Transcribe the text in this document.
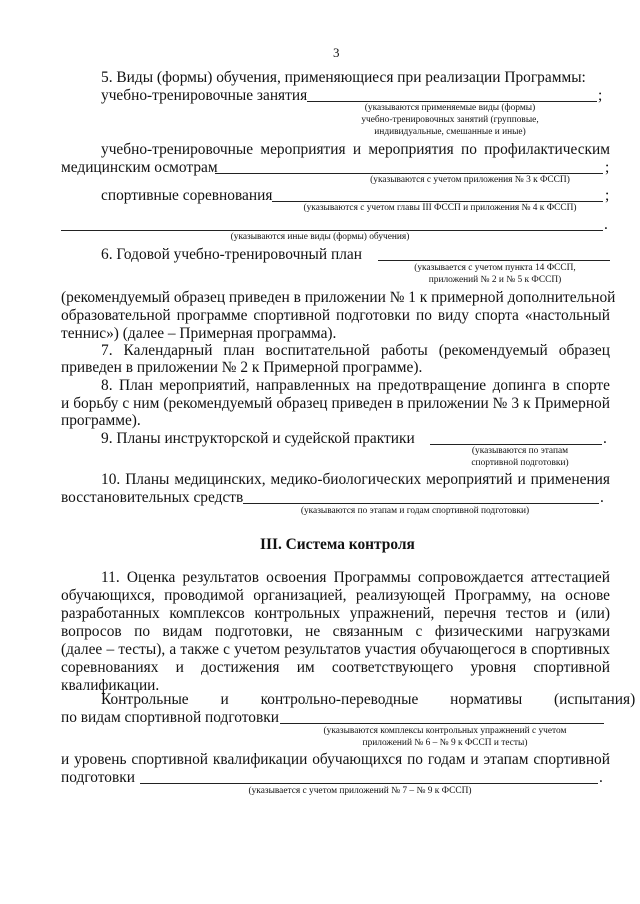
3
5. Виды (формы) обучения, применяющиеся при реализации Программы:
учебно-тренировочные занятия	;
(указываются применяемые виды (формы)
учебно-тренировочных занятий (групповые,
индивидуальные, смешанные и иные)
учебно-тренировочные мероприятия и мероприятия по профилактическим
медицинским осмотрам	;
(указываются с учетом приложения № 3 к ФССП)
спортивные соревнования	;
(указываются с учетом главы III ФССП и приложения № 4 к ФССП)
.
(указываются иные виды (формы) обучения)
6. Годовой учебно-тренировочный план
(указывается с учетом пункта 14 ФССП,
приложений № 2 и № 5 к ФССП)
(рекомендуемый образец приведен в приложении № 1 к примерной дополнительной
образовательной программе спортивной подготовки по виду спорта «настольный
теннис») (далее – Примерная программа).
7. Календарный план воспитательной работы (рекомендуемый образец
приведен в приложении № 2 к Примерной программе).
8. План мероприятий, направленных на предотвращение допинга в спорте
и борьбу с ним (рекомендуемый образец приведен в приложении № 3 к Примерной
программе).
9. Планы инструкторской и судейской практики	.
(указываются по этапам
спортивной подготовки)
10. Планы медицинских, медико-биологических мероприятий и применения
восстановительных средств	.
(указываются по этапам и годам спортивной подготовки)
III. Система контроля
11. Оценка результатов освоения Программы сопровождается аттестацией
обучающихся, проводимой организацией, реализующей Программу, на основе
разработанных комплексов контрольных упражнений, перечня тестов и (или)
вопросов по видам подготовки, не связанным с физическими нагрузками
(далее – тесты), а также с учетом результатов участия обучающегося в спортивных
соревнованиях и достижения им соответствующего уровня спортивной
квалификации.
Контрольные и контрольно-переводные нормативы (испытания)
по видам спортивной подготовки
(указываются комплексы контрольных упражнений с учетом
приложений № 6 – № 9 к ФССП и тесты)
и уровень спортивной квалификации обучающихся по годам и этапам спортивной
подготовки	.
(указывается с учетом приложений № 7 – № 9 к ФССП)
